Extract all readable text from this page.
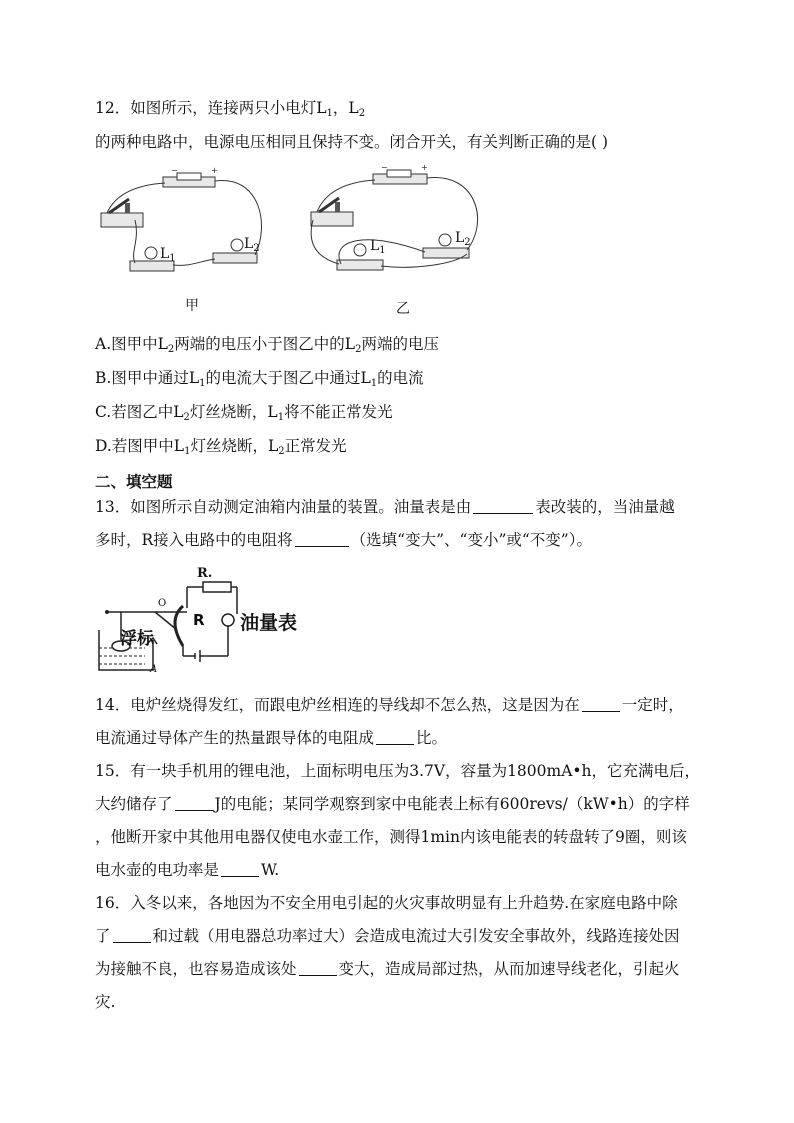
12．如图所示，连接两只小电灯$L_1$，$L_2$
的两种电路中，电源电压相同且保持不变。闭合开关，有关判断正确的是( )
−	+
$L_1$
$L_2$
甲
−	+
$L_1$
$L_2$
乙
A.图甲中$L_2$两端的电压小于图乙中的$L_2$两端的电压
B.图甲中通过$L_1$的电流大于图乙中通过$L_1$的电流
C.若图乙中$L_2$灯丝烧断，$L_1$将不能正常发光
D.若图甲中$L_1$灯丝烧断，$L_2$正常发光
二、填空题
13．如图所示自动测定油箱内油量的装置。油量表是由	表改装的，当油量越
多时，R接入电路中的电阻将	（选填“变大”、“变小”或“不变”）。
R.
R
浮标
油量表
O
A
14．电炉丝烧得发红，而跟电炉丝相连的导线却不怎么热，这是因为在	一定时，
电流通过导体产生的热量跟导体的电阻成	比。
15．有一块手机用的锂电池，上面标明电压为3.7V，容量为1800mA•h，它充满电后，
大约储存了	J的电能；某同学观察到家中电能表上标有600revs/（kW•h）的字样
，他断开家中其他用电器仅使电水壶工作，测得1min内该电能表的转盘转了9圈，则该
电水壶的电功率是	W.
16．入冬以来，各地因为不安全用电引起的火灾事故明显有上升趋势.在家庭电路中除
了	和过载（用电器总功率过大）会造成电流过大引发安全事故外，线路连接处因
为接触不良，也容易造成该处	变大，造成局部过热，从而加速导线老化，引起火
灾.
